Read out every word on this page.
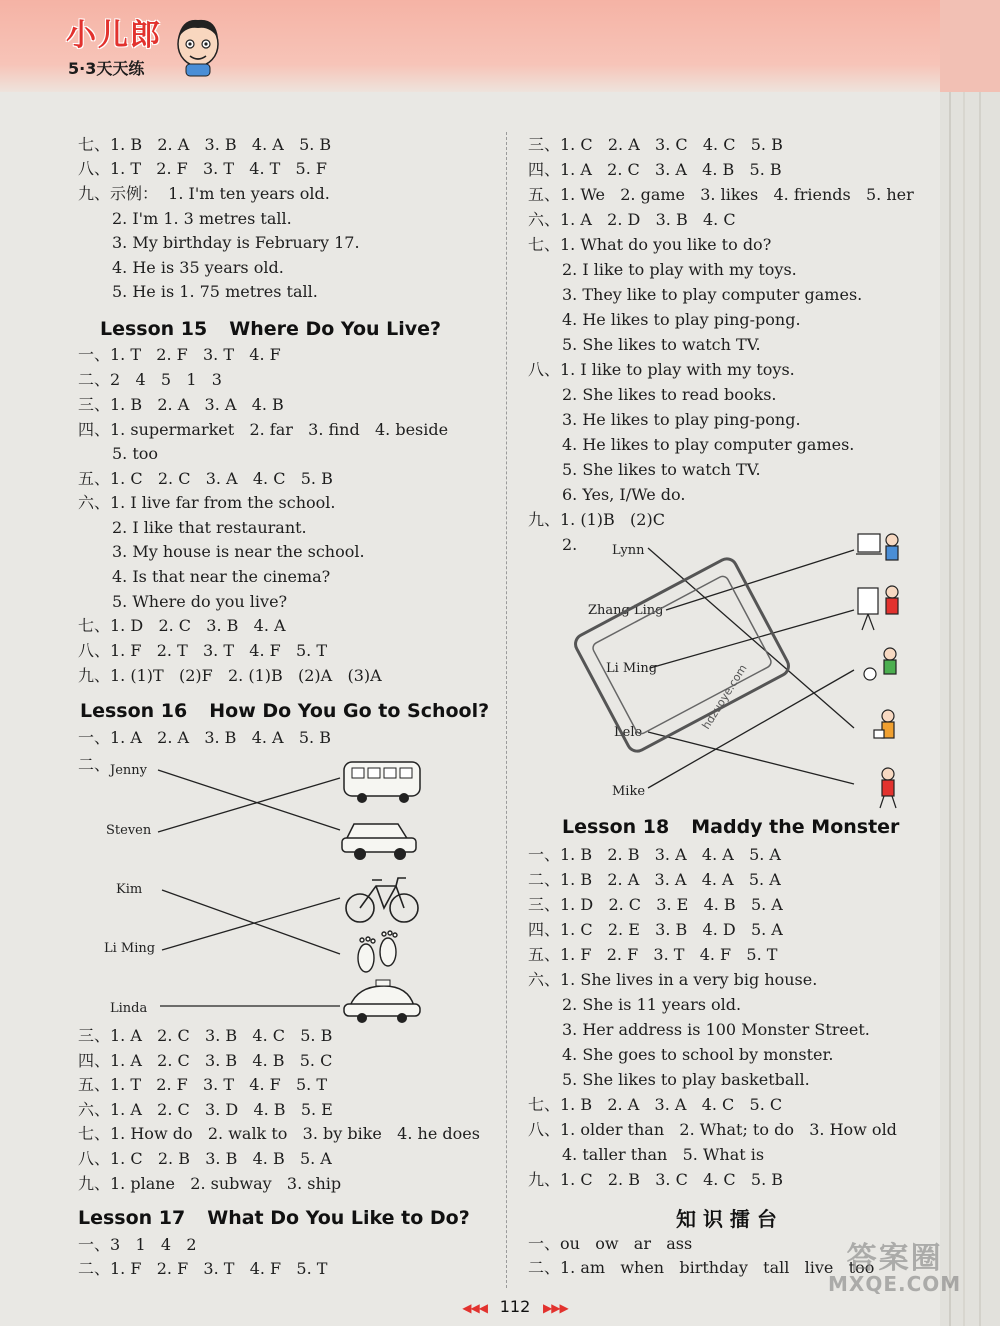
小儿郎
5·3天天练
七、1. B   2. A   3. B   4. A   5. B
八、1. T   2. F   3. T   4. T   5. F
九、示例：  1. I'm ten years old.
2. I'm 1. 3 metres tall.
3. My birthday is February 17.
4. He is 35 years old.
5. He is 1. 75 metres tall.
Lesson 15 Where Do You Live?
一、1. T   2. F   3. T   4. F
二、2   4   5   1   3
三、1. B   2. A   3. A   4. B
四、1. supermarket   2. far   3. find   4. beside
5. too
五、1. C   2. C   3. A   4. C   5. B
六、1. I live far from the school.
2. I like that restaurant.
3. My house is near the school.
4. Is that near the cinema?
5. Where do you live?
七、1. D   2. C   3. B   4. A
八、1. F   2. T   3. T   4. F   5. T
九、1. (1)T   (2)F   2. (1)B   (2)A   (3)A
Lesson 16 How Do You Go to School?
一、1. A   2. A   3. B   4. A   5. B
二、 Jenny
Steven
Kim
Li Ming
Linda
三、1. A   2. C   3. B   4. C   5. B
四、1. A   2. C   3. B   4. B   5. C
五、1. T   2. F   3. T   4. F   5. T
六、1. A   2. C   3. D   4. B   5. E
七、1. How do   2. walk to   3. by bike   4. he does
八、1. C   2. B   3. B   4. B   5. A
九、1. plane   2. subway   3. ship
Lesson 17 What Do You Like to Do?
一、3   1   4   2
二、1. F   2. F   3. T   4. F   5. T
三、1. C   2. A   3. C   4. C   5. B
四、1. A   2. C   3. A   4. B   5. B
五、1. We   2. game   3. likes   4. friends   5. her
六、1. A   2. D   3. B   4. C
七、1. What do you like to do?
2. I like to play with my toys.
3. They like to play computer games.
4. He likes to play ping-pong.
5. She likes to watch TV.
八、1. I like to play with my toys.
2. She likes to read books.
3. He likes to play ping-pong.
4. He likes to play computer games.
5. She likes to watch TV.
6. Yes, I/We do.
九、1. (1)B   (2)C
2.	Lynn
Zhang Ling
Li Ming
Lele
Mike
hdzuoye.com
Lesson 18 Maddy the Monster
一、1. B   2. B   3. A   4. A   5. A
二、1. B   2. A   3. A   4. A   5. A
三、1. D   2. C   3. E   4. B   5. A
四、1. C   2. E   3. B   4. D   5. A
五、1. F   2. F   3. T   4. F   5. T
六、1. She lives in a very big house.
2. She is 11 years old.
3. Her address is 100 Monster Street.
4. She goes to school by monster.
5. She likes to play basketball.
七、1. B   2. A   3. A   4. C   5. C
八、1. older than   2. What; to do   3. How old
4. taller than   5. What is
九、1. C   2. B   3. C   4. C   5. B
知 识 擂 台
一、ou   ow   ar   ass
二、1. am   when   birthday   tall   live   too
◀◀◀ 112 ▶▶▶
答案圈
MXQE.COM
